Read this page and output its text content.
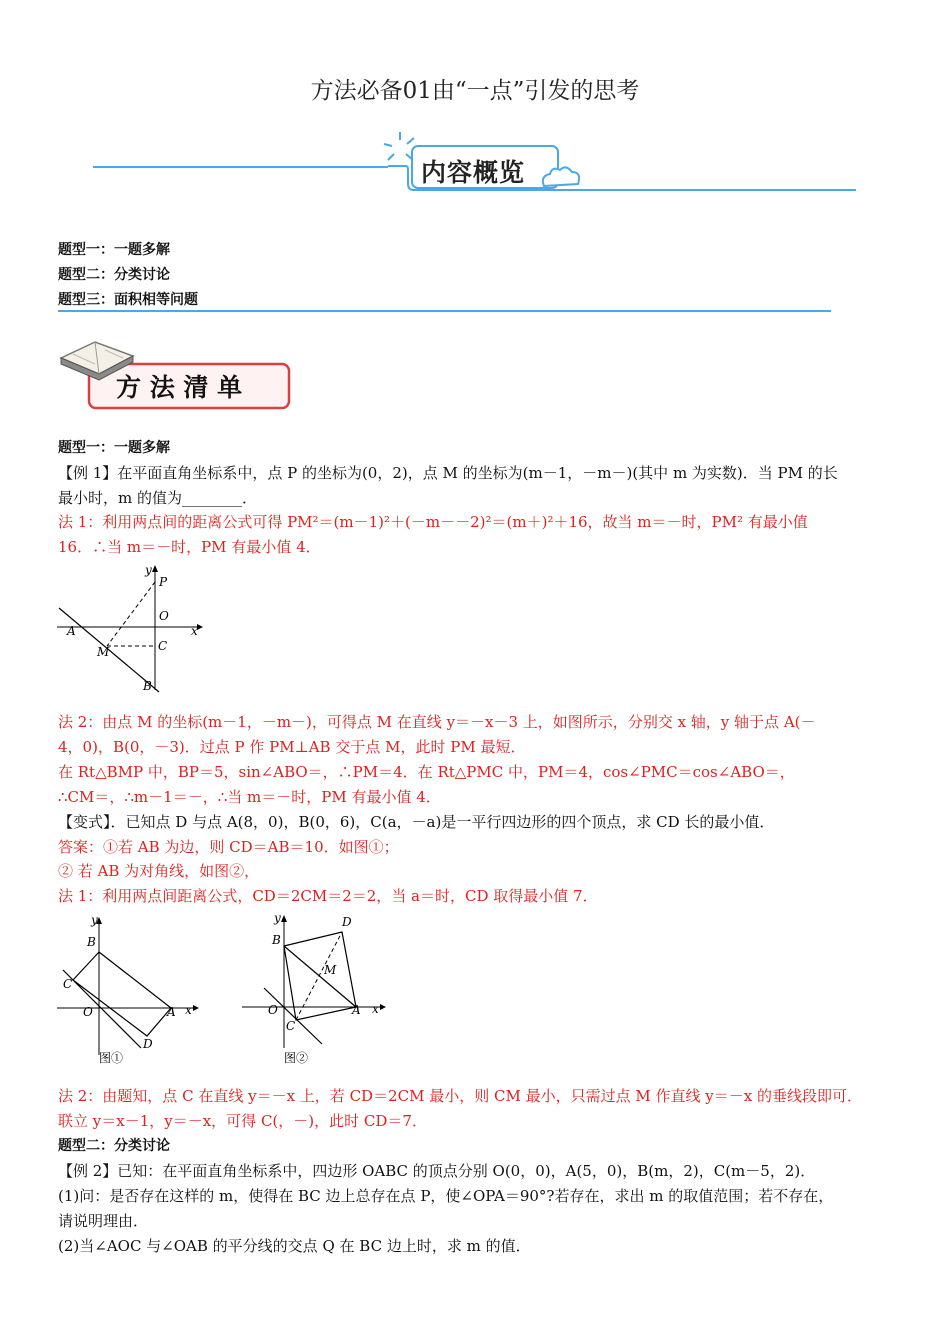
方法必备01由“一点”引发的思考
内容概览
题型一：一题多解
题型二：分类讨论
题型三：面积相等问题
方 法 清 单
题型一：一题多解
【例 1】在平面直角坐标系中，点 P 的坐标为(0，2)，点 M 的坐标为(m－1，－m－)(其中 m 为实数)．当 PM 的长
最小时，m 的值为________．
法 1：利用两点间的距离公式可得 PM²＝(m－1)²＋(－m－－2)²＝(m＋)²＋16，故当 m＝－时，PM² 有最小值
16．∴当 m＝－时，PM 有最小值 4．
y
P
O
x
A
C
M
B
法 2：由点 M 的坐标(m－1，－m－)，可得点 M 在直线 y＝－x－3 上，如图所示，分别交 x 轴，y 轴于点 A(－
4，0)，B(0，－3)．过点 P 作 PM⊥AB 交于点 M，此时 PM 最短．
在 Rt△BMP 中，BP＝5，sin∠ABO＝，∴PM＝4．在 Rt△PMC 中，PM＝4，cos∠PMC＝cos∠ABO＝，
∴CM＝，∴m－1＝－，∴当 m＝－时，PM 有最小值 4．
【变式】．已知点 D 与点 A(8，0)，B(0，6)，C(a，－a)是一平行四边形的四个顶点，求 CD 长的最小值．
答案：①若 AB 为边，则 CD＝AB＝10．如图①；
② 若 AB 为对角线，如图②，
法 1：利用两点间距离公式，CD＝2CM＝2＝2，当 a＝时，CD 取得最小值 7．
y
B
C
O	A x
D
图①
y	D
B
M
O	A x
C
图②
法 2：由题知，点 C 在直线 y＝－x 上，若 CD＝2CM 最小，则 CM 最小，只需过点 M 作直线 y＝－x 的垂线段即可．
联立 y＝x－1，y＝－x，可得 C(，－)，此时 CD＝7．
题型二：分类讨论
【例 2】已知：在平面直角坐标系中，四边形 OABC 的顶点分别 O(0，0)，A(5，0)，B(m，2)，C(m－5，2)．
(1)问：是否存在这样的 m，使得在 BC 边上总存在点 P，使∠OPA＝90°?若存在，求出 m 的取值范围；若不存在，
请说明理由．
(2)当∠AOC 与∠OAB 的平分线的交点 Q 在 BC 边上时，求 m 的值．
